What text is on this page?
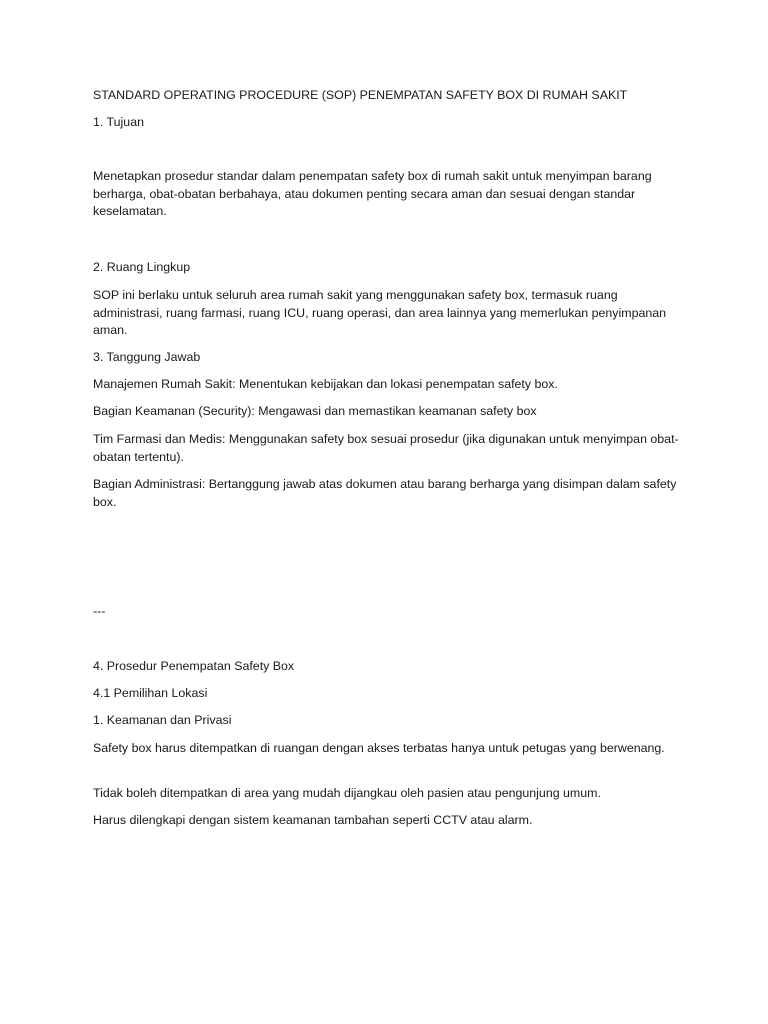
STANDARD OPERATING PROCEDURE (SOP) PENEMPATAN SAFETY BOX DI RUMAH SAKIT

1. Tujuan

Menetapkan prosedur standar dalam penempatan safety box di rumah sakit untuk menyimpan barang berharga, obat-obatan berbahaya, atau dokumen penting secara aman dan sesuai dengan standar keselamatan.

2. Ruang Lingkup

SOP ini berlaku untuk seluruh area rumah sakit yang menggunakan safety box, termasuk ruang administrasi, ruang farmasi, ruang ICU, ruang operasi, dan area lainnya yang memerlukan penyimpanan aman.

3. Tanggung Jawab

Manajemen Rumah Sakit: Menentukan kebijakan dan lokasi penempatan safety box.

Bagian Keamanan (Security): Mengawasi dan memastikan keamanan safety box

Tim Farmasi dan Medis: Menggunakan safety box sesuai prosedur (jika digunakan untuk menyimpan obat-obatan tertentu).

Bagian Administrasi: Bertanggung jawab atas dokumen atau barang berharga yang disimpan dalam safety box.

---

4. Prosedur Penempatan Safety Box

4.1 Pemilihan Lokasi

1. Keamanan dan Privasi

Safety box harus ditempatkan di ruangan dengan akses terbatas hanya untuk petugas yang berwenang.

Tidak boleh ditempatkan di area yang mudah dijangkau oleh pasien atau pengunjung umum.

Harus dilengkapi dengan sistem keamanan tambahan seperti CCTV atau alarm.
